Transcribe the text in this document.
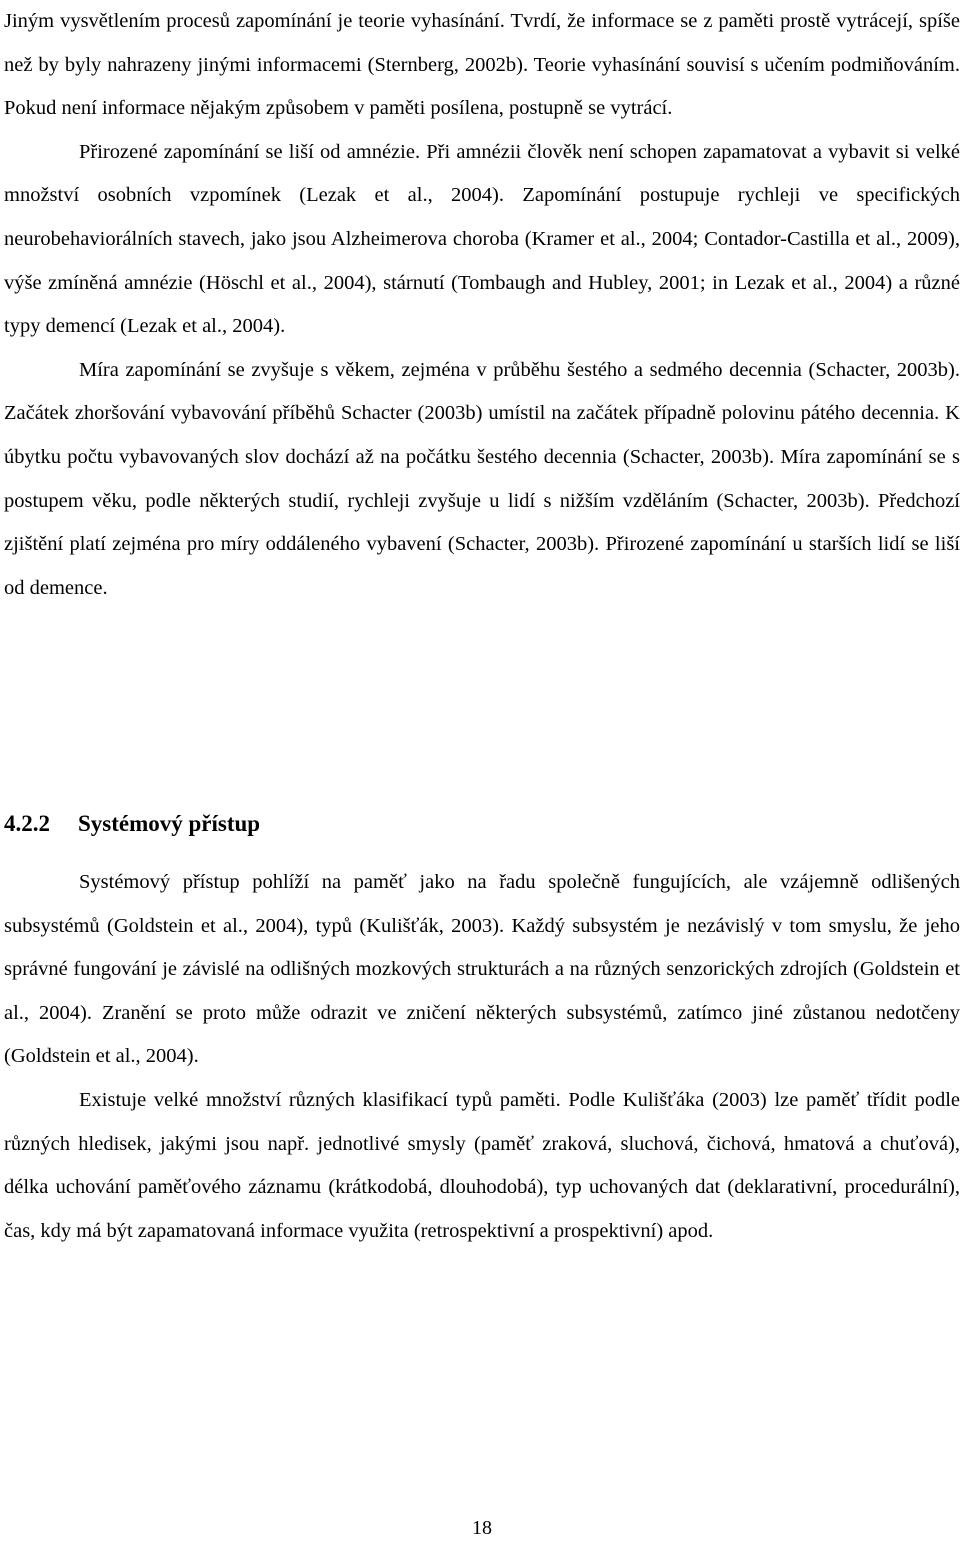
Jiným vysvětlením procesů zapomínání je teorie vyhasínání. Tvrdí, že informace se z paměti prostě vytrácejí, spíše než by byly nahrazeny jinými informacemi (Sternberg, 2002b). Teorie vyhasínání souvisí s učením podmiňováním. Pokud není informace nějakým způsobem v paměti posílena, postupně se vytrácí.

Přirozené zapomínání se liší od amnézie. Při amnézii člověk není schopen zapamatovat a vybavit si velké množství osobních vzpomínek (Lezak et al., 2004). Zapomínání postupuje rychleji ve specifických neurobehaviorálních stavech, jako jsou Alzheimerova choroba (Kramer et al., 2004; Contador-Castilla et al., 2009), výše zmíněná amnézie (Höschl et al., 2004), stárnutí (Tombaugh and Hubley, 2001; in Lezak et al., 2004) a různé typy demencí (Lezak et al., 2004).

Míra zapomínání se zvyšuje s věkem, zejména v průběhu šestého a sedmého decennia (Schacter, 2003b). Začátek zhoršování vybavování příběhů Schacter (2003b) umístil na začátek případně polovinu pátého decennia. K úbytku počtu vybavovaných slov dochází až na počátku šestého decennia (Schacter, 2003b). Míra zapomínání se s postupem věku, podle některých studií, rychleji zvyšuje u lidí s nižším vzděláním (Schacter, 2003b). Předchozí zjištění platí zejména pro míry oddáleného vybavení (Schacter, 2003b). Přirozené zapomínání u starších lidí se liší od demence.

4.2.2 Systémový přístup

Systémový přístup pohlíží na paměť jako na řadu společně fungujících, ale vzájemně odlišených subsystémů (Goldstein et al., 2004), typů (Kulišťák, 2003). Každý subsystém je nezávislý v tom smyslu, že jeho správné fungování je závislé na odlišných mozkových strukturách a na různých senzorických zdrojích (Goldstein et al., 2004). Zranění se proto může odrazit ve zničení některých subsystémů, zatímco jiné zůstanou nedotčeny (Goldstein et al., 2004).

Existuje velké množství různých klasifikací typů paměti. Podle Kulišťáka (2003) lze paměť třídit podle různých hledisek, jakými jsou např. jednotlivé smysly (paměť zraková, sluchová, čichová, hmatová a chuťová), délka uchování paměťového záznamu (krátkodobá, dlouhodobá), typ uchovaných dat (deklarativní, procedurální), čas, kdy má být zapamatovaná informace využita (retrospektivní a prospektivní) apod.

18
